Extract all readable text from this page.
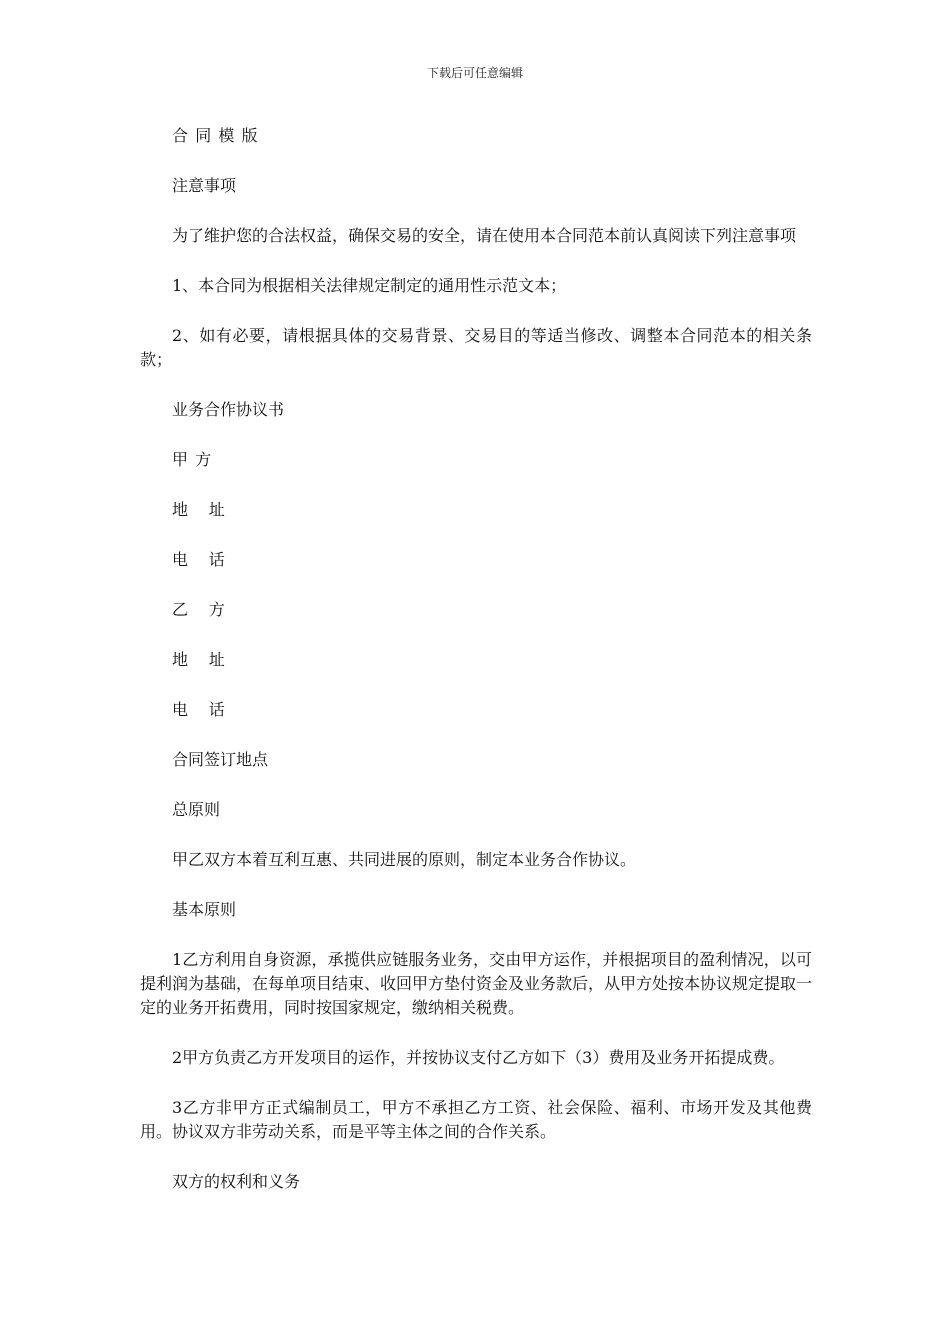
下载后可任意编辑

合同模版

注意事项

为了维护您的合法权益，确保交易的安全，请在使用本合同范本前认真阅读下列注意事项

1、本合同为根据相关法律规定制定的通用性示范文本；

2、如有必要，请根据具体的交易背景、交易目的等适当修改、调整本合同范本的相关条款；

业务合作协议书

甲方

地址

电话

乙方

地址

电话

合同签订地点

总原则

甲乙双方本着互利互惠、共同进展的原则，制定本业务合作协议。

基本原则

1乙方利用自身资源，承揽供应链服务业务，交由甲方运作，并根据项目的盈利情况，以可提利润为基础，在每单项目结束、收回甲方垫付资金及业务款后，从甲方处按本协议规定提取一定的业务开拓费用，同时按国家规定，缴纳相关税费。

2甲方负责乙方开发项目的运作，并按协议支付乙方如下（3）费用及业务开拓提成费。

3乙方非甲方正式编制员工，甲方不承担乙方工资、社会保险、福利、市场开发及其他费用。协议双方非劳动关系，而是平等主体之间的合作关系。

双方的权利和义务
